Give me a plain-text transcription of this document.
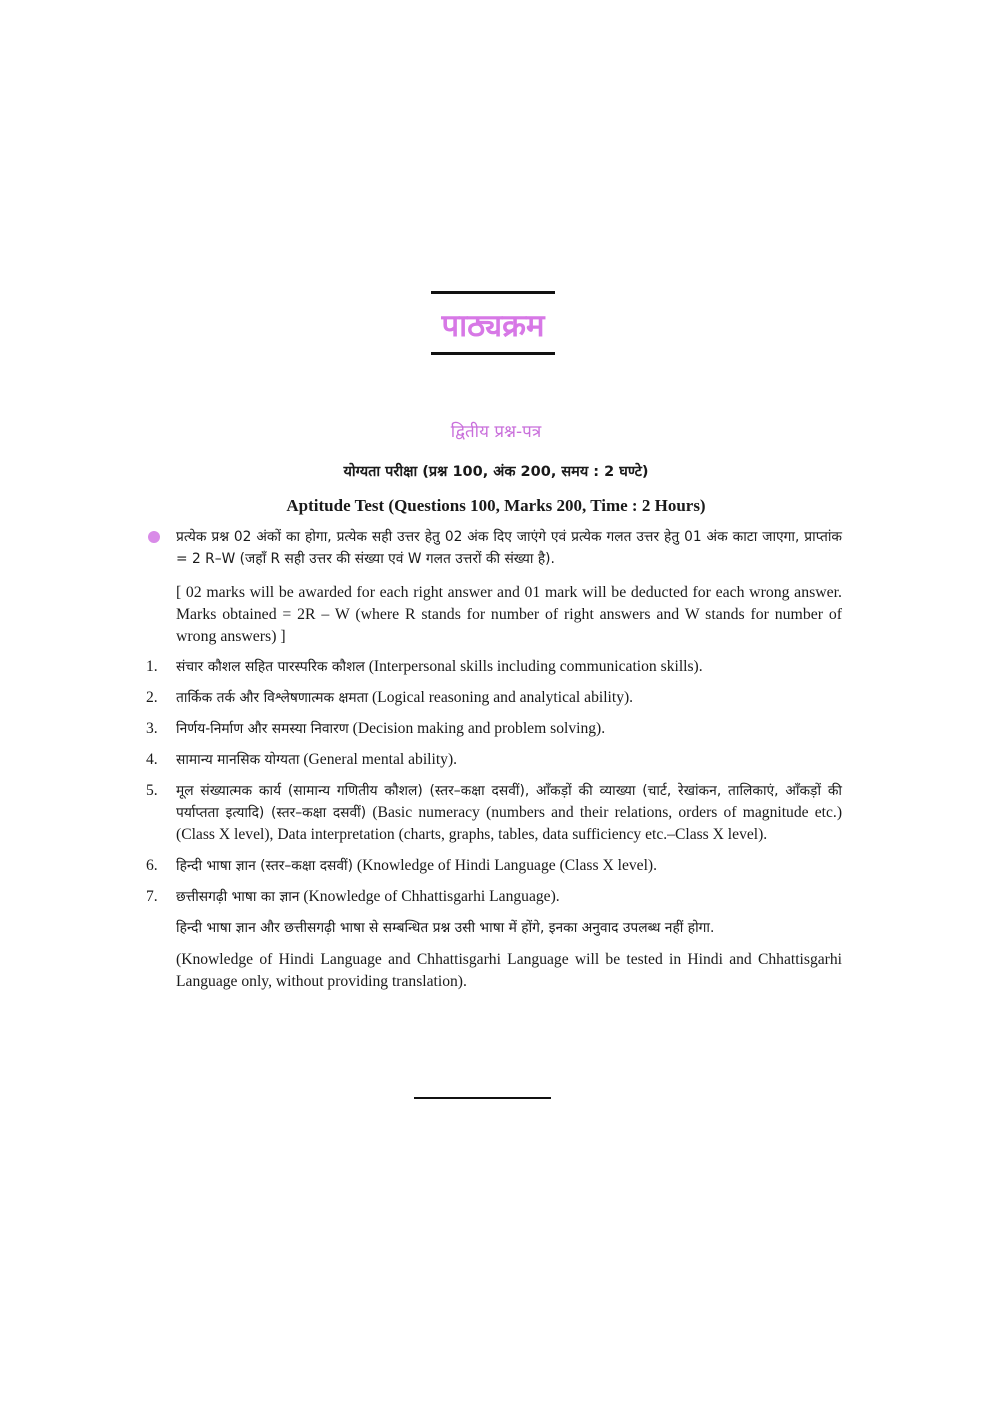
पाठ्यक्रम
द्वितीय प्रश्न-पत्र
योग्यता परीक्षा (प्रश्न 100, अंक 200, समय : 2 घण्टे)
Aptitude Test (Questions 100, Marks 200, Time : 2 Hours)
प्रत्येक प्रश्न 02 अंकों का होगा, प्रत्येक सही उत्तर हेतु 02 अंक दिए जाएंगे एवं प्रत्येक गलत उत्तर हेतु 01 अंक काटा जाएगा, प्राप्तांक = 2 R–W (जहाँ R सही उत्तर की संख्या एवं W गलत उत्तरों की संख्या है).
[ 02 marks will be awarded for each right answer and 01 mark will be deducted for each wrong answer. Marks obtained = 2R – W (where R stands for number of right answers and W stands for number of wrong answers) ]
1.	संचार कौशल सहित पारस्परिक कौशल (Interpersonal skills including communication skills).
2.	तार्किक तर्क और विश्लेषणात्मक क्षमता (Logical reasoning and analytical ability).
3.	निर्णय-निर्माण और समस्या निवारण (Decision making and problem solving).
4.	सामान्य मानसिक योग्यता (General mental ability).
5.	मूल संख्यात्मक कार्य (सामान्य गणितीय कौशल) (स्तर–कक्षा दसवीं), आँकड़ों की व्याख्या (चार्ट, रेखांकन, तालिकाएं, आँकड़ों की पर्याप्तता इत्यादि) (स्तर–कक्षा दसवीं) (Basic numeracy (numbers and their relations, orders of magnitude etc.) (Class X level), Data interpretation (charts, graphs, tables, data sufficiency etc.–Class X level).
6.	हिन्दी भाषा ज्ञान (स्तर–कक्षा दसवीं) (Knowledge of Hindi Language (Class X level).
7.	छत्तीसगढ़ी भाषा का ज्ञान (Knowledge of Chhattisgarhi Language).
हिन्दी भाषा ज्ञान और छत्तीसगढ़ी भाषा से सम्बन्धित प्रश्न उसी भाषा में होंगे, इनका अनुवाद उपलब्ध नहीं होगा.
(Knowledge of Hindi Language and Chhattisgarhi Language will be tested in Hindi and Chhattisgarhi Language only, without providing translation).
